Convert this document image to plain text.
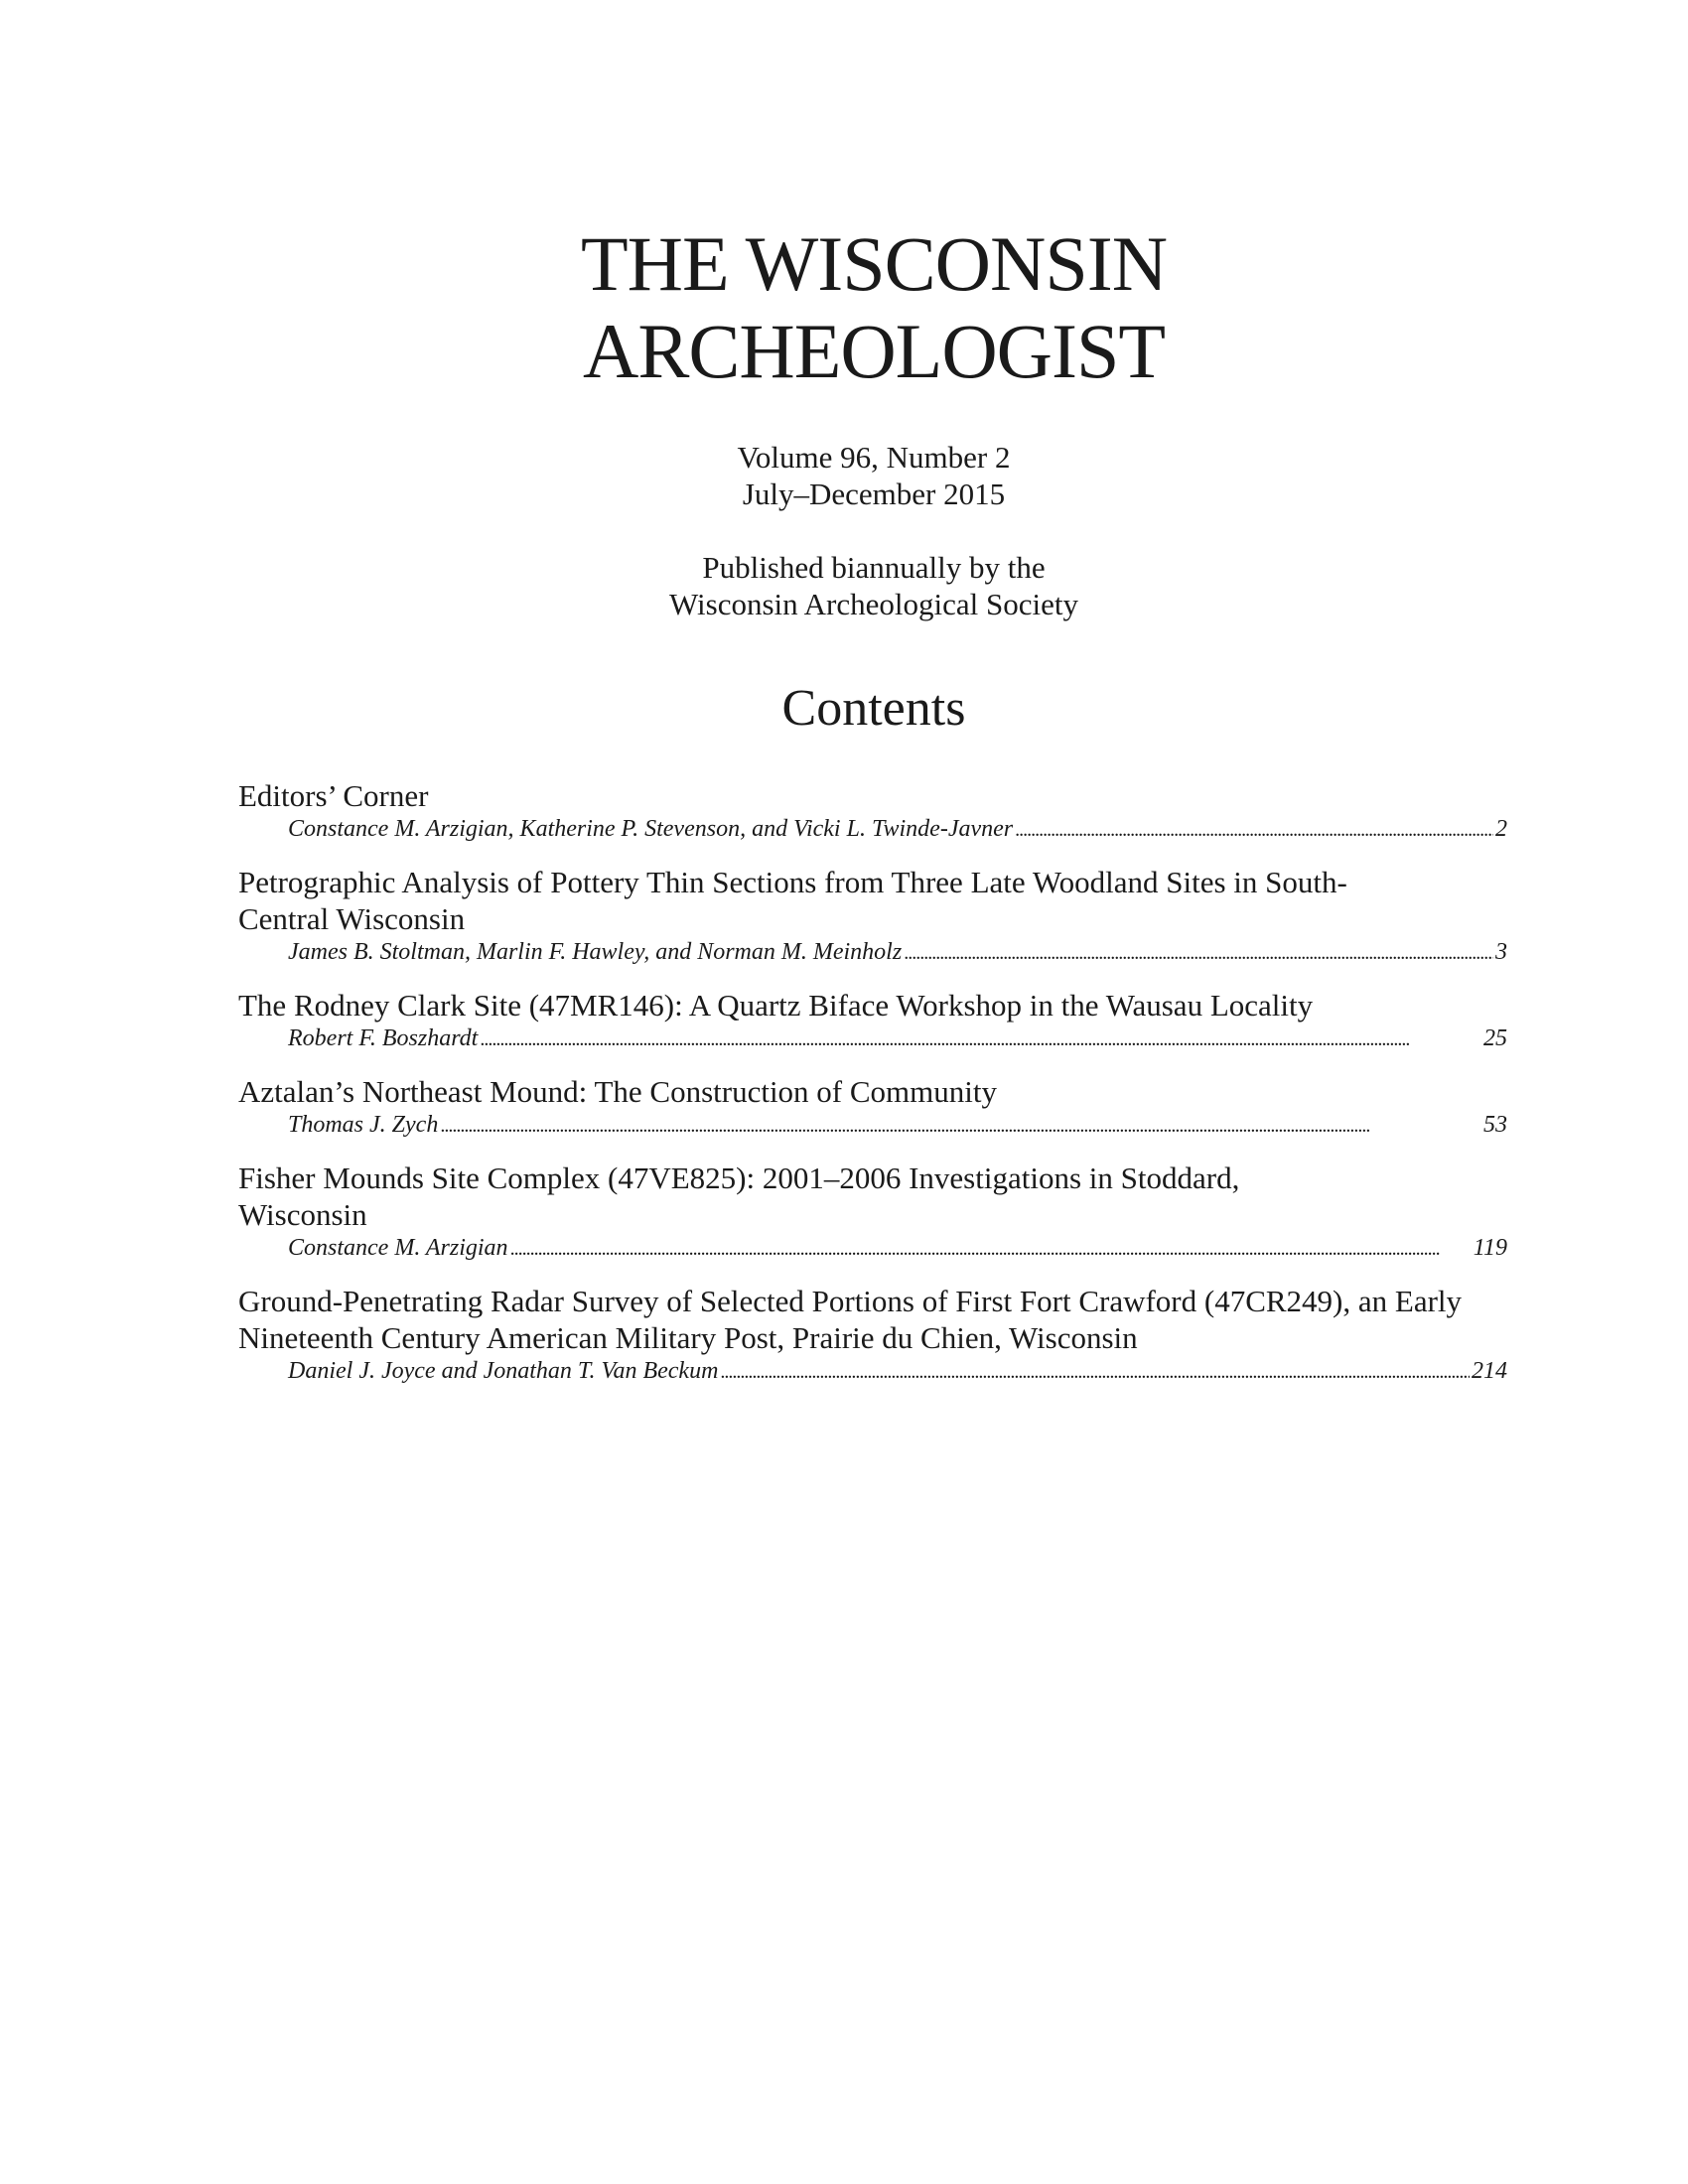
THE WISCONSIN
ARCHEOLOGIST
Volume 96, Number 2
July–December 2015
Published biannually by the
Wisconsin Archeological Society
Contents
Editors’ Corner
Constance M. Arzigian, Katherine P. Stevenson, and Vicki L. Twinde-Javner . . .	2
Petrographic Analysis of Pottery Thin Sections from Three Late Woodland Sites in South-Central Wisconsin
James B. Stoltman, Marlin F. Hawley, and Norman M. Meinholz . . .	3
The Rodney Clark Site (47MR146): A Quartz Biface Workshop in the Wausau Locality
Robert F. Boszhardt . . .	25
Aztalan’s Northeast Mound: The Construction of Community
Thomas J. Zych . . .	53
Fisher Mounds Site Complex (47VE825): 2001–2006 Investigations in Stoddard, Wisconsin
Constance M. Arzigian . . .	119
Ground-Penetrating Radar Survey of Selected Portions of First Fort Crawford (47CR249), an Early Nineteenth Century American Military Post, Prairie du Chien, Wisconsin
Daniel J. Joyce and Jonathan T. Van Beckum . . .	214
